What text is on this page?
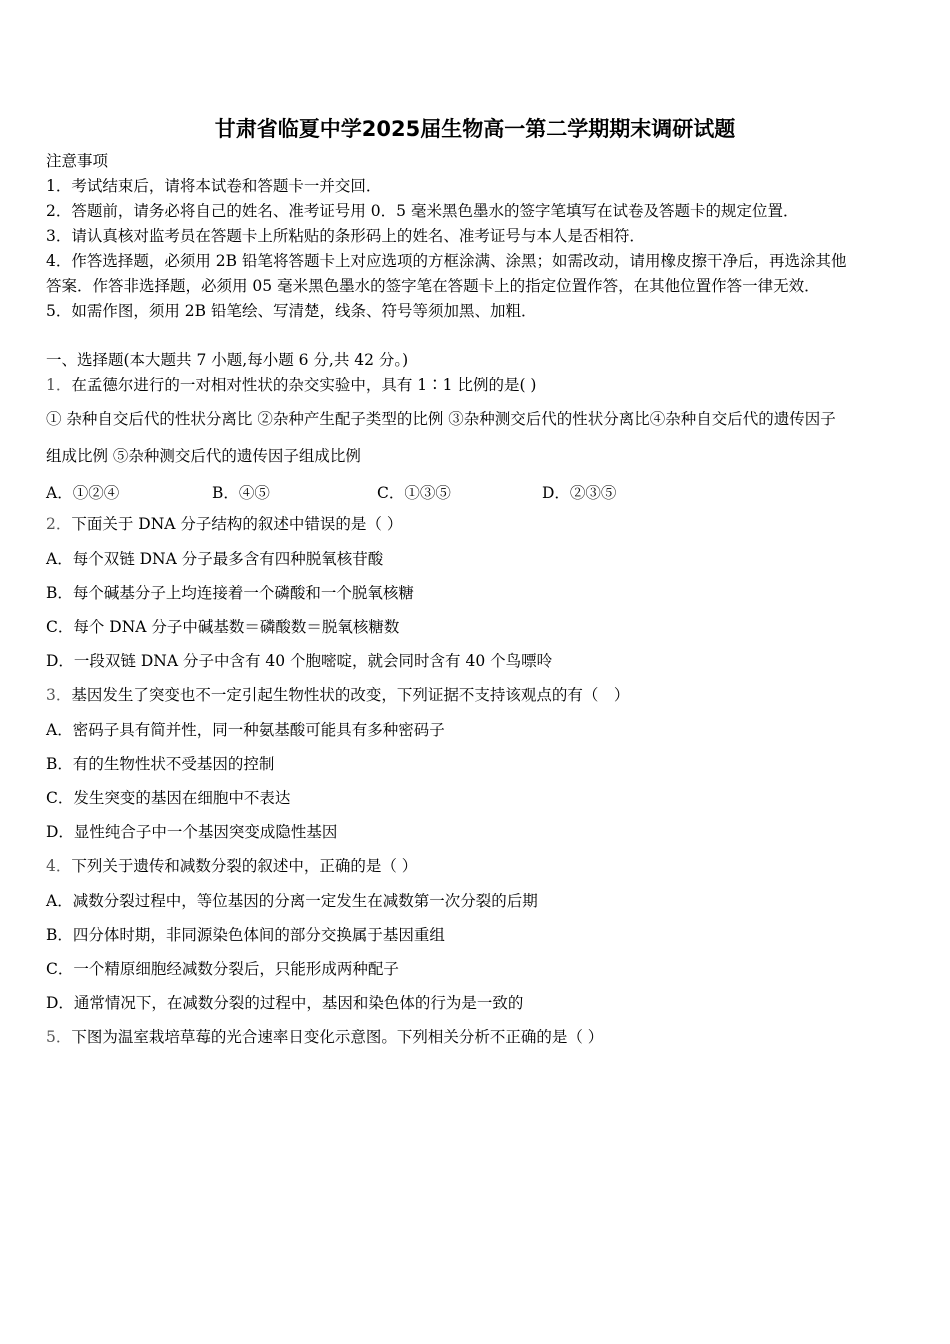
甘肃省临夏中学2025届生物高一第二学期期末调研试题
注意事项
1．考试结束后，请将本试卷和答题卡一并交回．
2．答题前，请务必将自己的姓名、准考证号用 0．5 毫米黑色墨水的签字笔填写在试卷及答题卡的规定位置．
3．请认真核对监考员在答题卡上所粘贴的条形码上的姓名、准考证号与本人是否相符．
4．作答选择题，必须用 2B 铅笔将答题卡上对应选项的方框涂满、涂黑；如需改动，请用橡皮擦干净后，再选涂其他
答案．作答非选择题，必须用 05 毫米黑色墨水的签字笔在答题卡上的指定位置作答，在其他位置作答一律无效．
5．如需作图，须用 2B 铅笔绘、写清楚，线条、符号等须加黑、加粗．
一、选择题(本大题共 7 小题,每小题 6 分,共 42 分。)
1．在孟德尔进行的一对相对性状的杂交实验中，具有 1∶1 比例的是( )
① 杂种自交后代的性状分离比 ②杂种产生配子类型的比例 ③杂种测交后代的性状分离比④杂种自交后代的遗传因子
组成比例 ⑤杂种测交后代的遗传因子组成比例
A．①②④	B．④⑤	C．①③⑤	D．②③⑤
2．下面关于 DNA 分子结构的叙述中错误的是（ ）
A．每个双链 DNA 分子最多含有四种脱氧核苷酸
B．每个碱基分子上均连接着一个磷酸和一个脱氧核糖
C．每个 DNA 分子中碱基数＝磷酸数＝脱氧核糖数
D．一段双链 DNA 分子中含有 40 个胞嘧啶，就会同时含有 40 个鸟嘌呤
3．基因发生了突变也不一定引起生物性状的改变，下列证据不支持该观点的有（　）
A．密码子具有简并性，同一种氨基酸可能具有多种密码子
B．有的生物性状不受基因的控制
C．发生突变的基因在细胞中不表达
D．显性纯合子中一个基因突变成隐性基因
4．下列关于遗传和减数分裂的叙述中，正确的是（ ）
A．减数分裂过程中，等位基因的分离一定发生在减数第一次分裂的后期
B．四分体时期，非同源染色体间的部分交换属于基因重组
C．一个精原细胞经减数分裂后，只能形成两种配子
D．通常情况下，在减数分裂的过程中，基因和染色体的行为是一致的
5．下图为温室栽培草莓的光合速率日变化示意图。下列相关分析不正确的是（ ）
